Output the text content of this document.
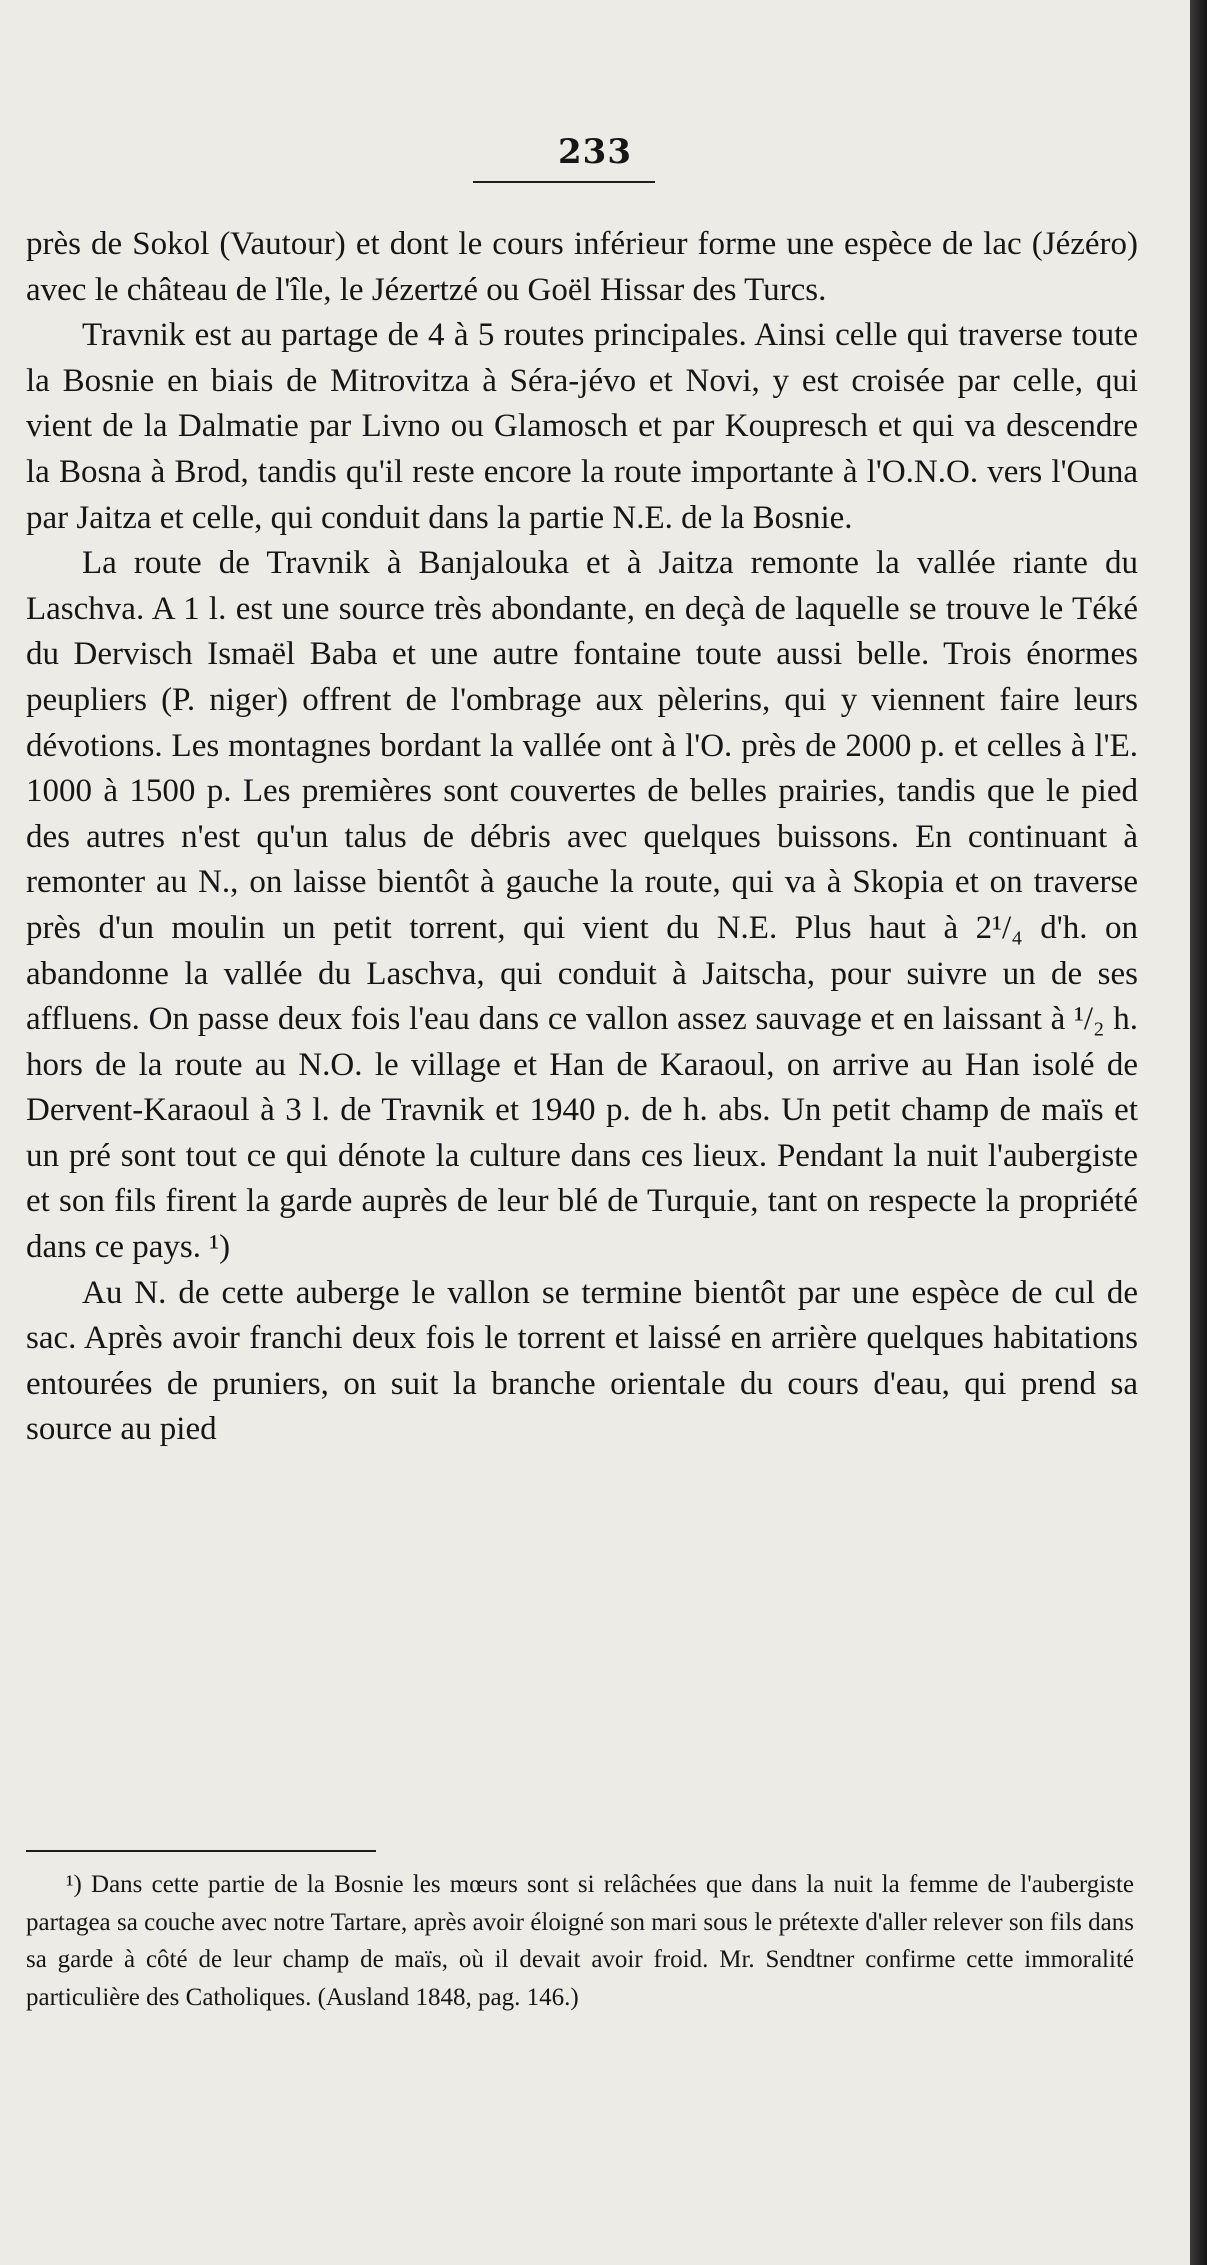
233

près de Sokol (Vautour) et dont le cours inférieur forme une espèce de lac (Jézéro) avec le château de l'île, le Jézertzé ou Goël Hissar des Turcs.

Travnik est au partage de 4 à 5 routes principales. Ainsi celle qui traverse toute la Bosnie en biais de Mitrovitza à Séra-jévo et Novi, y est croisée par celle, qui vient de la Dalmatie par Livno ou Glamosch et par Koupresch et qui va descendre la Bosna à Brod, tandis qu'il reste encore la route importante à l'O.N.O. vers l'Ouna par Jaitza et celle, qui conduit dans la partie N.E. de la Bosnie.

La route de Travnik à Banjalouka et à Jaitza remonte la vallée riante du Laschva. A 1 l. est une source très abondante, en deçà de laquelle se trouve le Téké du Dervisch Ismaël Baba et une autre fontaine toute aussi belle. Trois énormes peupliers (P. niger) offrent de l'ombrage aux pèlerins, qui y viennent faire leurs dévotions. Les montagnes bordant la vallée ont à l'O. près de 2000 p. et celles à l'E. 1000 à 1500 p. Les premières sont couvertes de belles prairies, tandis que le pied des autres n'est qu'un talus de débris avec quelques buissons. En continuant à remonter au N., on laisse bientôt à gauche la route, qui va à Skopia et on traverse près d'un moulin un petit torrent, qui vient du N.E. Plus haut à 2¹/₄ d'h. on abandonne la vallée du Laschva, qui conduit à Jaitscha, pour suivre un de ses affluens. On passe deux fois l'eau dans ce vallon assez sauvage et en laissant à ¹/₂ h. hors de la route au N.O. le village et Han de Karaoul, on arrive au Han isolé de Dervent-Karaoul à 3 l. de Travnik et 1940 p. de h. abs. Un petit champ de maïs et un pré sont tout ce qui dénote la culture dans ces lieux. Pendant la nuit l'aubergiste et son fils firent la garde auprès de leur blé de Turquie, tant on respecte la propriété dans ce pays. ¹)

Au N. de cette auberge le vallon se termine bientôt par une espèce de cul de sac. Après avoir franchi deux fois le torrent et laissé en arrière quelques habitations entourées de pruniers, on suit la branche orientale du cours d'eau, qui prend sa source au pied

¹) Dans cette partie de la Bosnie les mœurs sont si relâchées que dans la nuit la femme de l'aubergiste partagea sa couche avec notre Tartare, après avoir éloigné son mari sous le prétexte d'aller relever son fils dans sa garde à côté de leur champ de maïs, où il devait avoir froid. Mr. Sendtner confirme cette immoralité particulière des Catholiques. (Ausland 1848, pag. 146.)
